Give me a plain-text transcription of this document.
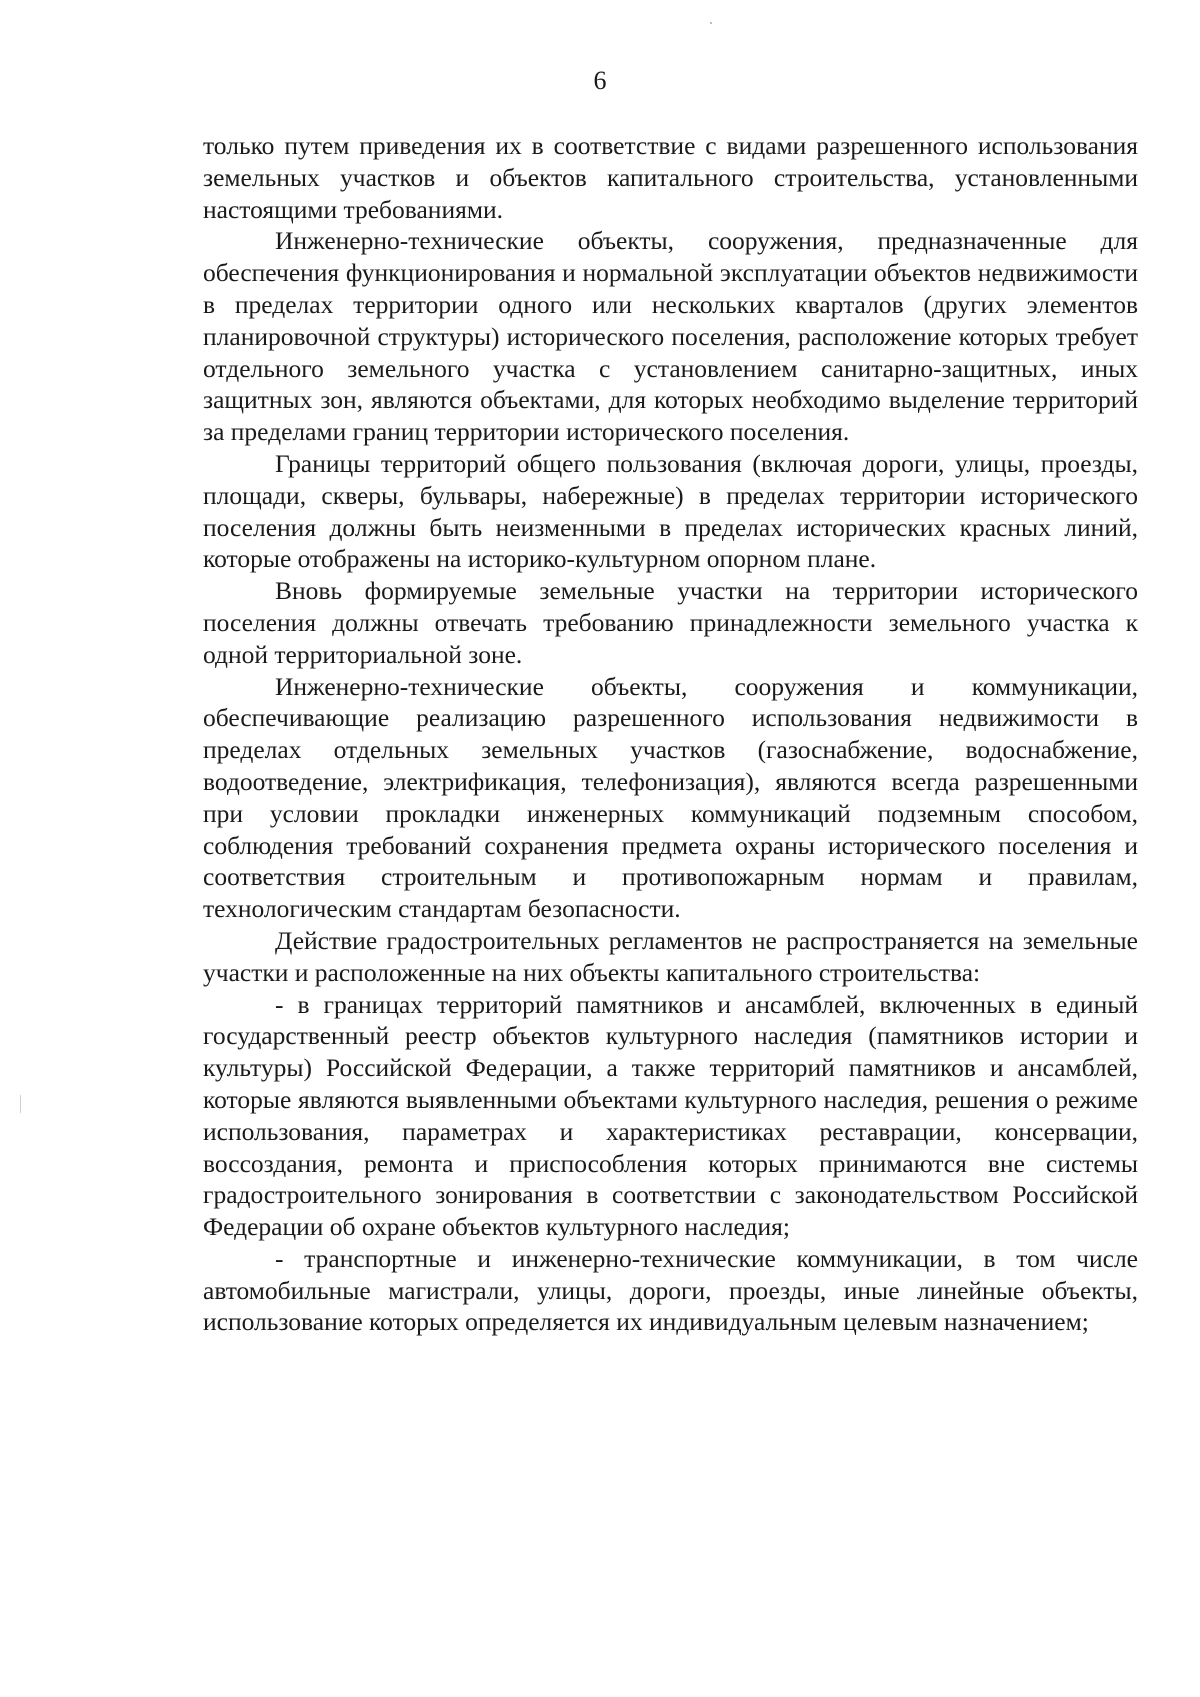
6

только путем приведения их в соответствие с видами разрешенного использования земельных участков и объектов капитального строительства, установленными настоящими требованиями.

Инженерно-технические объекты, сооружения, предназначенные для обеспечения функционирования и нормальной эксплуатации объектов недвижимости в пределах территории одного или нескольких кварталов (других элементов планировочной структуры) исторического поселения, расположение которых требует отдельного земельного участка с установлением санитарно-защитных, иных защитных зон, являются объектами, для которых необходимо выделение территорий за пределами границ территории исторического поселения.

Границы территорий общего пользования (включая дороги, улицы, проезды, площади, скверы, бульвары, набережные) в пределах территории исторического поселения должны быть неизменными в пределах исторических красных линий, которые отображены на историко-культурном опорном плане.

Вновь формируемые земельные участки на территории исторического поселения должны отвечать требованию принадлежности земельного участка к одной территориальной зоне.

Инженерно-технические объекты, сооружения и коммуникации, обеспечивающие реализацию разрешенного использования недвижимости в пределах отдельных земельных участков (газоснабжение, водоснабжение, водоотведение, электрификация, телефонизация), являются всегда разрешенными при условии прокладки инженерных коммуникаций подземным способом, соблюдения требований сохранения предмета охраны исторического поселения и соответствия строительным и противопожарным нормам и правилам, технологическим стандартам безопасности.

Действие градостроительных регламентов не распространяется на земельные участки и расположенные на них объекты капитального строительства:

- в границах территорий памятников и ансамблей, включенных в единый государственный реестр объектов культурного наследия (памятников истории и культуры) Российской Федерации, а также территорий памятников и ансамблей, которые являются выявленными объектами культурного наследия, решения о режиме использования, параметрах и характеристиках реставрации, консервации, воссоздания, ремонта и приспособления которых принимаются вне системы градостроительного зонирования в соответствии с законодательством Российской Федерации об охране объектов культурного наследия;

- транспортные и инженерно-технические коммуникации, в том числе автомобильные магистрали, улицы, дороги, проезды, иные линейные объекты, использование которых определяется их индивидуальным целевым назначением;
